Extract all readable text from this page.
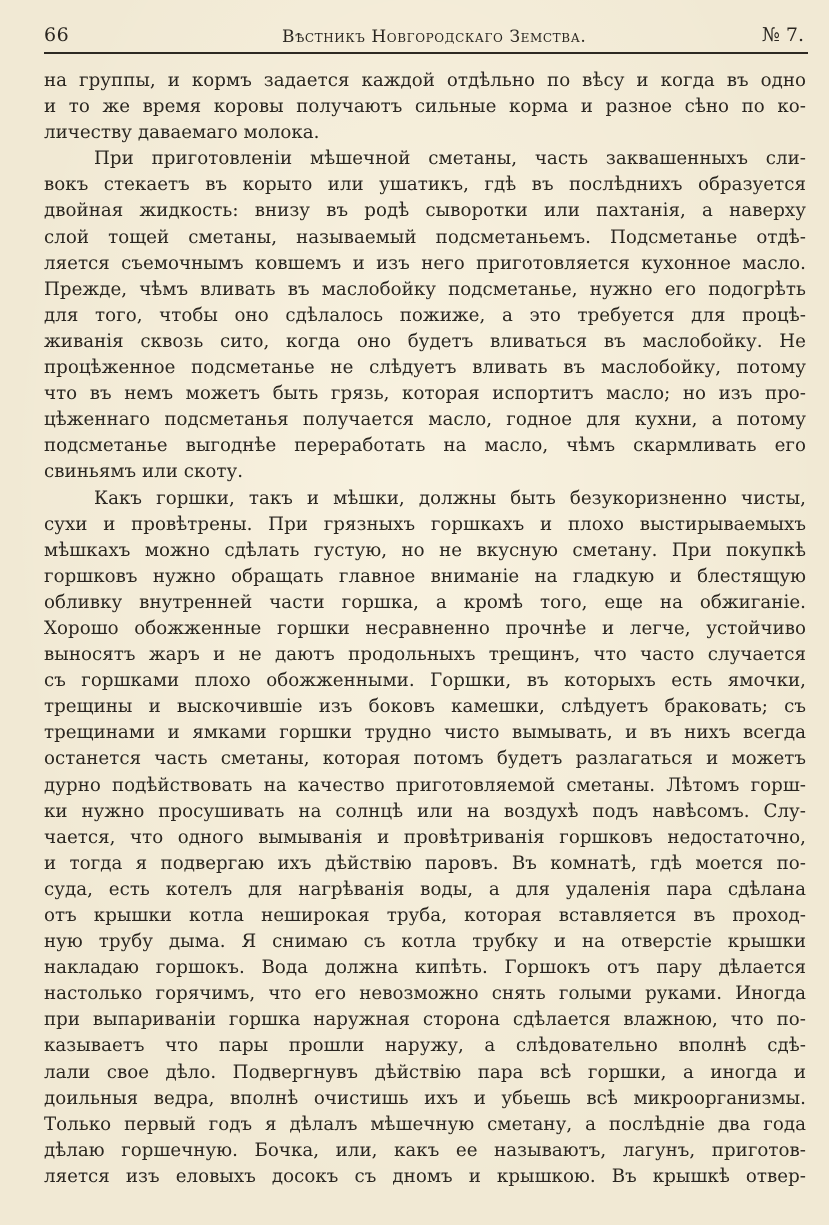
66	Вѣстникъ Новгородскаго Земства.	№ 7.
на группы, и кормъ задается каждой отдѣльно по вѣсу и когда въ одно
и то же время коровы получаютъ сильные корма и разное сѣно по ко-
личеству даваемаго молока.
При приготовленіи мѣшечной сметаны, часть заквашенныхъ сли-
вокъ стекаетъ въ корыто или ушатикъ, гдѣ въ послѣднихъ образуется
двойная жидкость: внизу въ родѣ сыворотки или пахтанія, а наверху
слой тощей сметаны, называемый подсметаньемъ. Подсметанье отдѣ-
ляется съемочнымъ ковшемъ и изъ него приготовляется кухонное масло.
Прежде, чѣмъ вливать въ маслобойку подсметанье, нужно его подогрѣть
для того, чтобы оно сдѣлалось пожиже, а это требуется для процѣ-
живанія сквозь сито, когда оно будетъ вливаться въ маслобойку. Не
процѣженное подсметанье не слѣдуетъ вливать въ маслобойку, потому
что въ немъ можетъ быть грязь, которая испортитъ масло; но изъ про-
цѣженнаго подсметанья получается масло, годное для кухни, а потому
подсметанье выгоднѣе переработать на масло, чѣмъ скармливать его
свиньямъ или скоту.
Какъ горшки, такъ и мѣшки, должны быть безукоризненно чисты,
сухи и провѣтрены. При грязныхъ горшкахъ и плохо выстирываемыхъ
мѣшкахъ можно сдѣлать густую, но не вкусную сметану. При покупкѣ
горшковъ нужно обращать главное вниманіе на гладкую и блестящую
обливку внутренней части горшка, а кромѣ того, еще на обжиганіе.
Хорошо обожженные горшки несравненно прочнѣе и легче, устойчиво
выносятъ жаръ и не даютъ продольныхъ трещинъ, что часто случается
съ горшками плохо обожженными. Горшки, въ которыхъ есть ямочки,
трещины и выскочившіе изъ боковъ камешки, слѣдуетъ браковать; съ
трещинами и ямками горшки трудно чисто вымывать, и въ нихъ всегда
останется часть сметаны, которая потомъ будетъ разлагаться и можетъ
дурно подѣйствовать на качество приготовляемой сметаны. Лѣтомъ горш-
ки нужно просушивать на солнцѣ или на воздухѣ подъ навѣсомъ. Слу-
чается, что одного вымыванія и провѣтриванія горшковъ недостаточно,
и тогда я подвергаю ихъ дѣйствію паровъ. Въ комнатѣ, гдѣ моется по-
суда, есть котелъ для нагрѣванія воды, а для удаленія пара сдѣлана
отъ крышки котла неширокая труба, которая вставляется въ проход-
ную трубу дыма. Я снимаю съ котла трубку и на отверстіе крышки
накладаю горшокъ. Вода должна кипѣть. Горшокъ отъ пару дѣлается
настолько горячимъ, что его невозможно снять голыми руками. Иногда
при выпариваніи горшка наружная сторона сдѣлается влажною, что по-
казываетъ что пары прошли наружу, а слѣдовательно вполнѣ сдѣ-
лали свое дѣло. Подвергнувъ дѣйствію пара всѣ горшки, а иногда и
доильныя ведра, вполнѣ очистишь ихъ и убьешь всѣ микроорганизмы.
Только первый годъ я дѣлалъ мѣшечную сметану, а послѣдніе два года
дѣлаю горшечную. Бочка, или, какъ ее называютъ, лагунъ, приготов-
ляется изъ еловыхъ досокъ съ дномъ и крышкою. Въ крышкѣ отвер-
